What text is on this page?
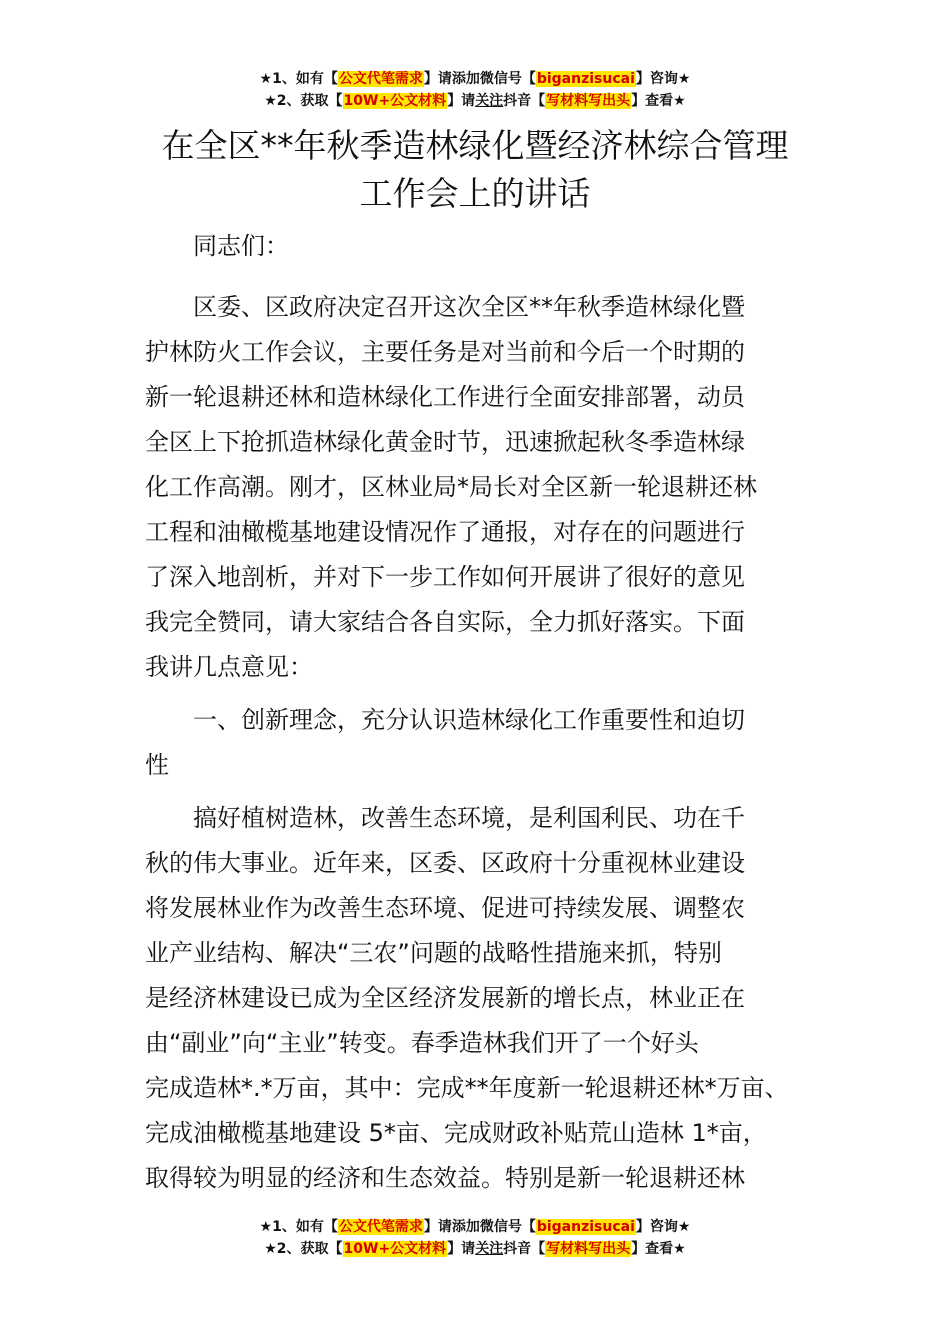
★1、如有【公文代笔需求】请添加微信号【biganzisucai】咨询★
★2、获取【10W+公文材料】请关注抖音【写材料写出头】查看★
在全区**年秋季造林绿化暨经济林综合管理
工作会上的讲话

同志们：

区委、区政府决定召开这次全区**年秋季造林绿化暨
护林防火工作会议，主要任务是对当前和今后一个时期的
新一轮退耕还林和造林绿化工作进行全面安排部署，动员
全区上下抢抓造林绿化黄金时节，迅速掀起秋冬季造林绿
化工作高潮。刚才，区林业局*局长对全区新一轮退耕还林
工程和油橄榄基地建设情况作了通报，对存在的问题进行
了深入地剖析，并对下一步工作如何开展讲了很好的意见
我完全赞同，请大家结合各自实际，全力抓好落实。下面
我讲几点意见：
一、创新理念，充分认识造林绿化工作重要性和迫切
性
搞好植树造林，改善生态环境，是利国利民、功在千
秋的伟大事业。近年来，区委、区政府十分重视林业建设
将发展林业作为改善生态环境、促进可持续发展、调整农
业产业结构、解决“三农”问题的战略性措施来抓，特别
是经济林建设已成为全区经济发展新的增长点，林业正在
由“副业”向“主业”转变。春季造林我们开了一个好头
完成造林*.*万亩，其中：完成**年度新一轮退耕还林*万亩、
完成油橄榄基地建设 5*亩、完成财政补贴荒山造林 1*亩，
取得较为明显的经济和生态效益。特别是新一轮退耕还林
★1、如有【公文代笔需求】请添加微信号【biganzisucai】咨询★
★2、获取【10W+公文材料】请关注抖音【写材料写出头】查看★
